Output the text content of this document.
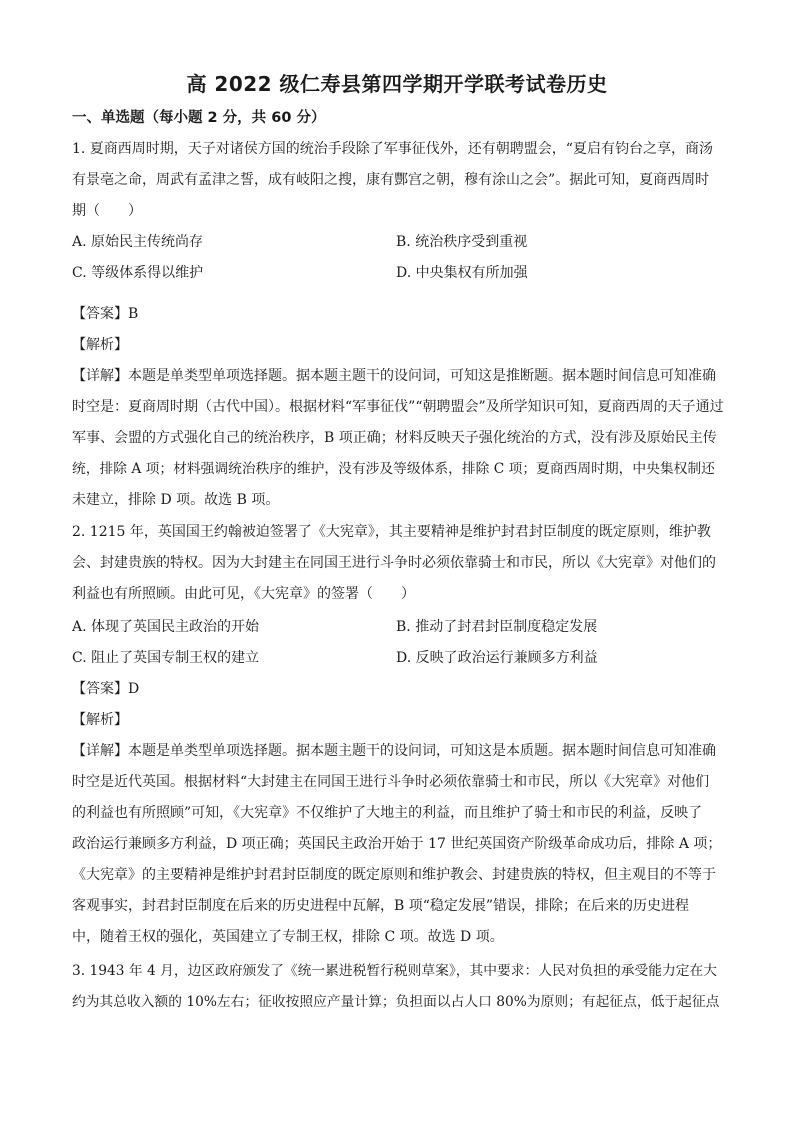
高 2022 级仁寿县第四学期开学联考试卷历史
一、单选题（每小题 2 分，共 60 分）
1. 夏商西周时期，天子对诸侯方国的统治手段除了军事征伐外，还有朝聘盟会，“夏启有钧台之享，商汤
有景亳之命，周武有孟津之誓，成有岐阳之搜，康有酆宫之朝，穆有涂山之会”。据此可知，夏商西周时
期（　　）
A. 原始民主传统尚存	B. 统治秩序受到重视
C. 等级体系得以维护	D. 中央集权有所加强
【答案】B
【解析】
【详解】本题是单类型单项选择题。据本题主题干的设问词，可知这是推断题。据本题时间信息可知准确
时空是：夏商周时期（古代中国）。根据材料“军事征伐”“朝聘盟会”及所学知识可知，夏商西周的天子通过
军事、会盟的方式强化自己的统治秩序，B 项正确；材料反映天子强化统治的方式，没有涉及原始民主传
统，排除 A 项；材料强调统治秩序的维护，没有涉及等级体系，排除 C 项；夏商西周时期，中央集权制还
未建立，排除 D 项。故选 B 项。
2. 1215 年，英国国王约翰被迫签署了《大宪章》，其主要精神是维护封君封臣制度的既定原则，维护教
会、封建贵族的特权。因为大封建主在同国王进行斗争时必须依靠骑士和市民，所以《大宪章》对他们的
利益也有所照顾。由此可见，《大宪章》的签署（　　）
A. 体现了英国民主政治的开始	B. 推动了封君封臣制度稳定发展
C. 阻止了英国专制王权的建立	D. 反映了政治运行兼顾多方利益
【答案】D
【解析】
【详解】本题是单类型单项选择题。据本题主题干的设问词，可知这是本质题。据本题时间信息可知准确
时空是近代英国。根据材料“大封建主在同国王进行斗争时必须依靠骑士和市民，所以《大宪章》对他们
的利益也有所照顾”可知，《大宪章》不仅维护了大地主的利益，而且维护了骑士和市民的利益，反映了
政治运行兼顾多方利益，D 项正确；英国民主政治开始于 17 世纪英国资产阶级革命成功后，排除 A 项；
《大宪章》的主要精神是维护封君封臣制度的既定原则和维护教会、封建贵族的特权，但主观目的不等于
客观事实，封君封臣制度在后来的历史进程中瓦解，B 项“稳定发展”错误，排除；在后来的历史进程
中，随着王权的强化，英国建立了专制王权，排除 C 项。故选 D 项。
3. 1943 年 4 月，边区政府颁发了《统一累进税暂行税则草案》，其中要求：人民对负担的承受能力定在大
约为其总收入额的 10%左右；征收按照应产量计算；负担面以占人口 80%为原则；有起征点，低于起征点
